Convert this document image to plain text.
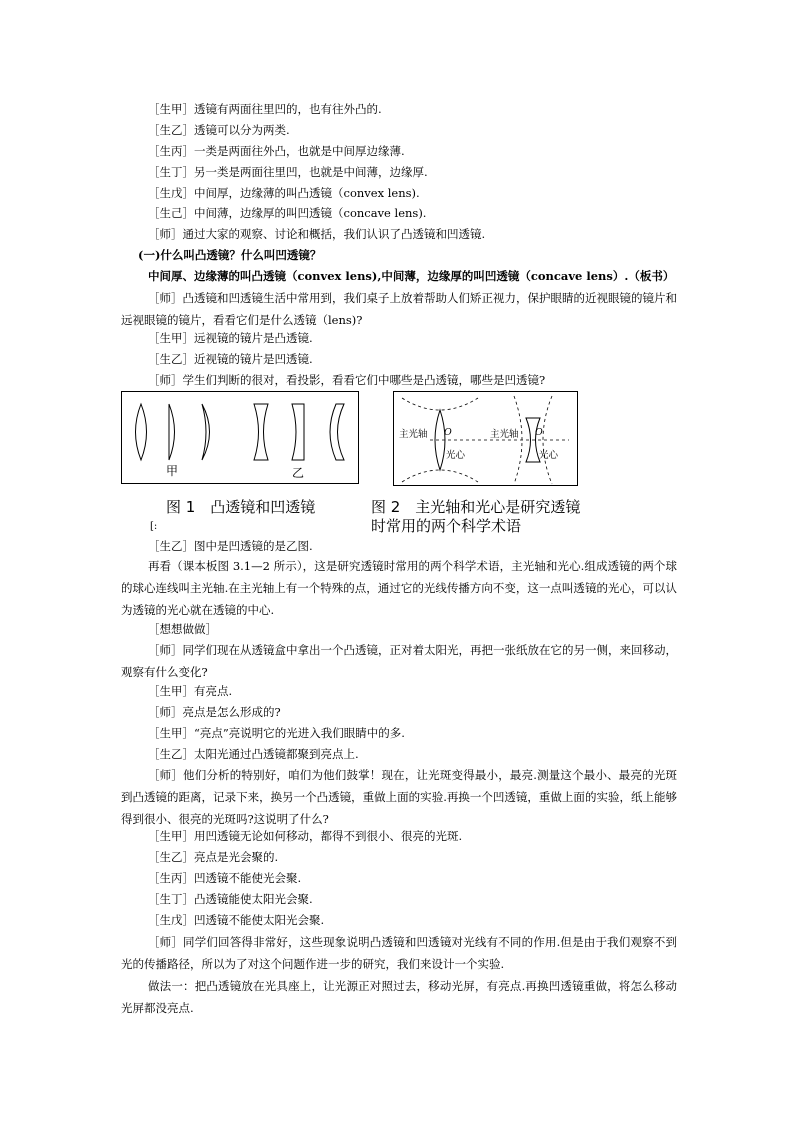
［生甲］透镜有两面往里凹的，也有往外凸的.
［生乙］透镜可以分为两类.
［生丙］一类是两面往外凸，也就是中间厚边缘薄.
［生丁］另一类是两面往里凹，也就是中间薄，边缘厚.
［生戊］中间厚，边缘薄的叫凸透镜（convex lens).
［生己］中间薄，边缘厚的叫凹透镜（concave lens).
［师］通过大家的观察、讨论和概括，我们认识了凸透镜和凹透镜.
(一)什么叫凸透镜？什么叫凹透镜？
中间厚、边缘薄的叫凸透镜（convex lens),中间薄，边缘厚的叫凹透镜（concave lens）.（板书）
［师］凸透镜和凹透镜生活中常用到，我们桌子上放着帮助人们矫正视力，保护眼睛的近视眼镜的镜片和远视眼镜的镜片，看看它们是什么透镜（lens)?
［生甲］远视镜的镜片是凸透镜.
［生乙］近视镜的镜片是凹透镜.
［师］学生们判断的很对，看投影，看看它们中哪些是凸透镜，哪些是凹透镜?
甲	乙
主光轴	主光轴
O	O
光心	光心
图 1　凸透镜和凹透镜	图 2　主光轴和光心是研究透镜
时常用的两个科学术语
[:
［生乙］图中是凹透镜的是乙图.
再看（课本板图 3.1—2 所示），这是研究透镜时常用的两个科学术语，主光轴和光心.组成透镜的两个球的球心连线叫主光轴.在主光轴上有一个特殊的点，通过它的光线传播方向不变，这一点叫透镜的光心，可以认为透镜的光心就在透镜的中心.
［想想做做］
［师］同学们现在从透镜盒中拿出一个凸透镜，正对着太阳光，再把一张纸放在它的另一侧，来回移动，观察有什么变化?
［生甲］有亮点.
［师］亮点是怎么形成的?
［生甲］“亮点”亮说明它的光进入我们眼睛中的多.
［生乙］太阳光通过凸透镜都聚到亮点上.
［师］他们分析的特别好，咱们为他们鼓掌！现在，让光斑变得最小，最亮.测量这个最小、最亮的光斑到凸透镜的距离，记录下来，换另一个凸透镜，重做上面的实验.再换一个凹透镜，重做上面的实验，纸上能够得到很小、很亮的光斑吗?这说明了什么?
［生甲］用凹透镜无论如何移动，都得不到很小、很亮的光斑.
［生乙］亮点是光会聚的.
［生丙］凹透镜不能使光会聚.
［生丁］凸透镜能使太阳光会聚.
［生戊］凹透镜不能使太阳光会聚.
［师］同学们回答得非常好，这些现象说明凸透镜和凹透镜对光线有不同的作用.但是由于我们观察不到光的传播路径，所以为了对这个问题作进一步的研究，我们来设计一个实验.
做法一：把凸透镜放在光具座上，让光源正对照过去，移动光屏，有亮点.再换凹透镜重做，将怎么移动光屏都没亮点.
